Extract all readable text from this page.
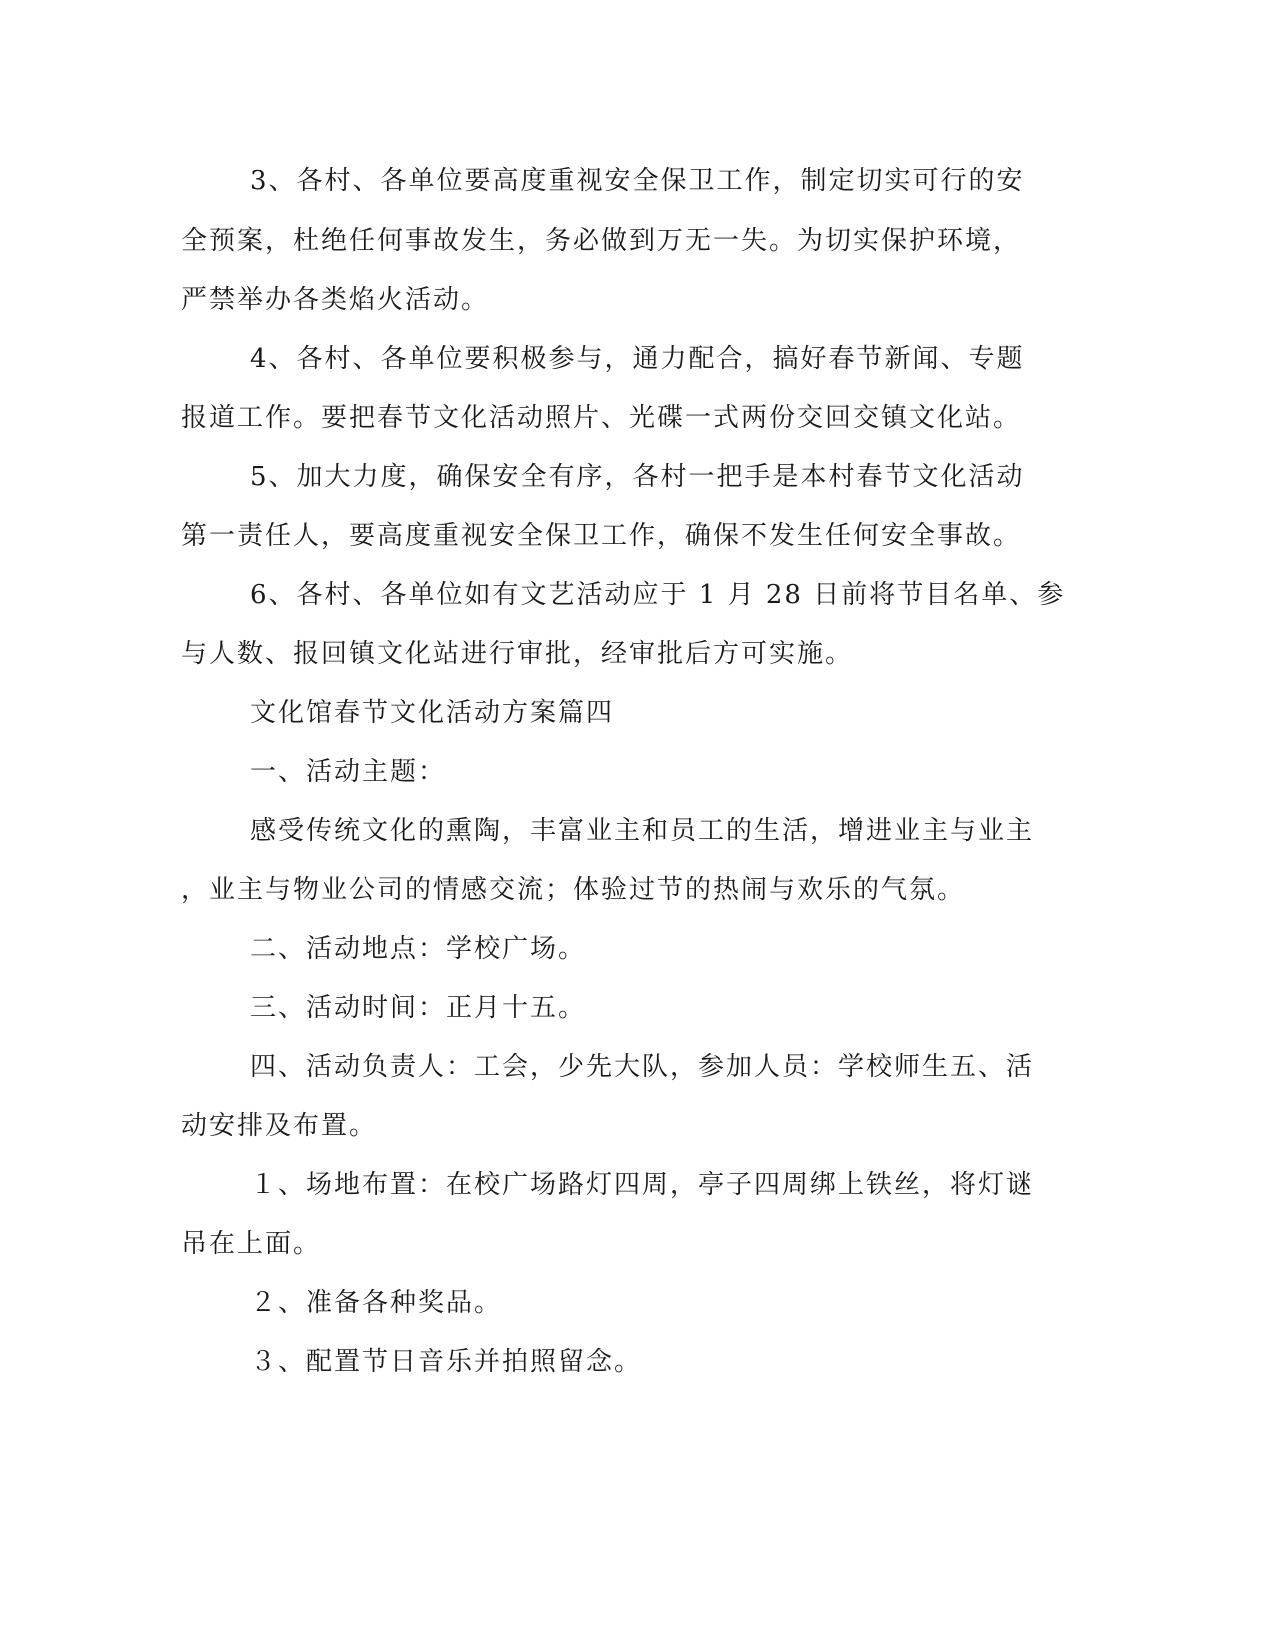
3、各村、各单位要高度重视安全保卫工作，制定切实可行的安
全预案，杜绝任何事故发生，务必做到万无一失。为切实保护环境，
严禁举办各类焰火活动。
4、各村、各单位要积极参与，通力配合，搞好春节新闻、专题
报道工作。要把春节文化活动照片、光碟一式两份交回交镇文化站。
5、加大力度，确保安全有序，各村一把手是本村春节文化活动
第一责任人，要高度重视安全保卫工作，确保不发生任何安全事故。
6、各村、各单位如有文艺活动应于 1 月 28 日前将节目名单、参
与人数、报回镇文化站进行审批，经审批后方可实施。
文化馆春节文化活动方案篇四
一、活动主题：
感受传统文化的熏陶，丰富业主和员工的生活，增进业主与业主
，业主与物业公司的情感交流；体验过节的热闹与欢乐的气氛。
二、活动地点：学校广场。
三、活动时间：正月十五。
四、活动负责人：工会，少先大队，参加人员：学校师生五、活
动安排及布置。
１、场地布置：在校广场路灯四周，亭子四周绑上铁丝，将灯谜
吊在上面。
２、准备各种奖品。
３、配置节日音乐并拍照留念。
